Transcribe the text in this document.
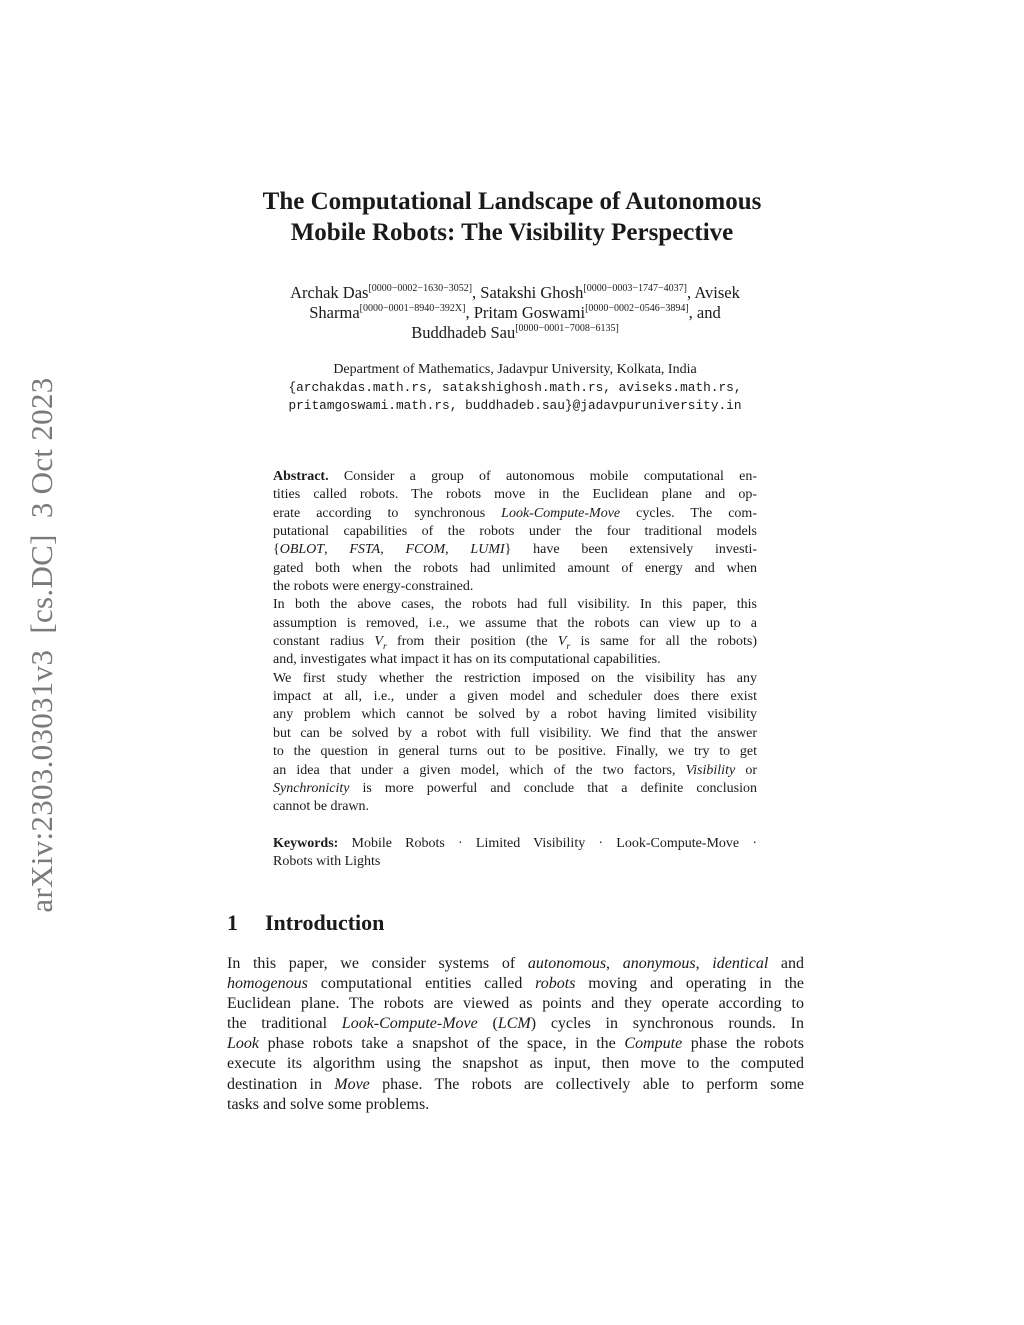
arXiv:2303.03031v3  [cs.DC]  3 Oct 2023
The Computational Landscape of Autonomous
Mobile Robots: The Visibility Perspective
Archak Das[0000−0002−1630−3052], Satakshi Ghosh[0000−0003−1747−4037], Avisek
Sharma[0000−0001−8940−392X], Pritam Goswami[0000−0002−0546−3894], and
Buddhadeb Sau[0000−0001−7008−6135]
Department of Mathematics, Jadavpur University, Kolkata, India
{archakdas.math.rs, satakshighosh.math.rs, aviseks.math.rs,
pritamgoswami.math.rs, buddhadeb.sau}@jadavpuruniversity.in
Abstract. Consider a group of autonomous mobile computational en-
tities called robots. The robots move in the Euclidean plane and op-
erate according to synchronous Look-Compute-Move cycles. The com-
putational capabilities of the robots under the four traditional models
{OBLOT, FSTA, FCOM, LUMI} have been extensively investi-
gated both when the robots had unlimited amount of energy and when
the robots were energy-constrained.
In both the above cases, the robots had full visibility. In this paper, this
assumption is removed, i.e., we assume that the robots can view up to a
constant radius $V_r$ from their position (the $V_r$ is same for all the robots)
and, investigates what impact it has on its computational capabilities.
We first study whether the restriction imposed on the visibility has any
impact at all, i.e., under a given model and scheduler does there exist
any problem which cannot be solved by a robot having limited visibility
but can be solved by a robot with full visibility. We find that the answer
to the question in general turns out to be positive. Finally, we try to get
an idea that under a given model, which of the two factors, Visibility or
Synchronicity is more powerful and conclude that a definite conclusion
cannot be drawn.
Keywords: Mobile Robots · Limited Visibility · Look-Compute-Move ·
Robots with Lights
1 Introduction
In this paper, we consider systems of autonomous, anonymous, identical and
homogenous computational entities called robots moving and operating in the
Euclidean plane. The robots are viewed as points and they operate according to
the traditional Look-Compute-Move (LCM) cycles in synchronous rounds. In
Look phase robots take a snapshot of the space, in the Compute phase the robots
execute its algorithm using the snapshot as input, then move to the computed
destination in Move phase. The robots are collectively able to perform some
tasks and solve some problems.
